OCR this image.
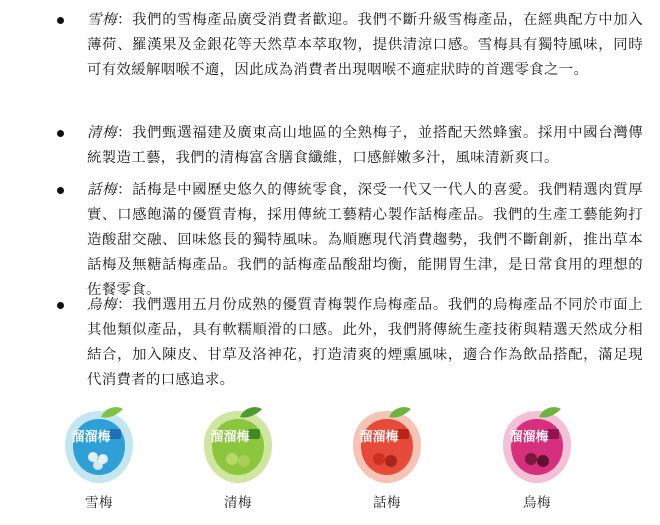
雪梅：我們的雪梅產品廣受消費者歡迎。我們不斷升級雪梅產品，在經典配方中加入薄荷、羅漢果及金銀花等天然草本萃取物，提供清涼口感。雪梅具有獨特風味，同時可有效緩解咽喉不適，因此成為消費者出現咽喉不適症狀時的首選零食之一。
清梅：我們甄選福建及廣東高山地區的全熟梅子，並搭配天然蜂蜜。採用中國台灣傳統製造工藝，我們的清梅富含膳食纖維，口感鮮嫩多汁，風味清新爽口。
話梅：話梅是中國歷史悠久的傳統零食，深受一代又一代人的喜愛。我們精選肉質厚實、口感飽滿的優質青梅，採用傳統工藝精心製作話梅產品。我們的生產工藝能夠打造酸甜交融、回味悠長的獨特風味。為順應現代消費趨勢，我們不斷創新，推出草本話梅及無糖話梅產品。我們的話梅產品酸甜均衡，能開胃生津，是日常食用的理想的佐餐零食。
烏梅：我們選用五月份成熟的優質青梅製作烏梅產品。我們的烏梅產品不同於市面上其他類似產品，具有軟糯順滑的口感。此外，我們將傳統生產技術與精選天然成分相結合，加入陳皮、甘草及洛神花，打造清爽的煙熏風味，適合作為飲品搭配，滿足現代消費者的口感追求。
溜溜梅
雪梅
溜溜梅
清梅
溜溜梅
話梅
溜溜梅
烏梅
